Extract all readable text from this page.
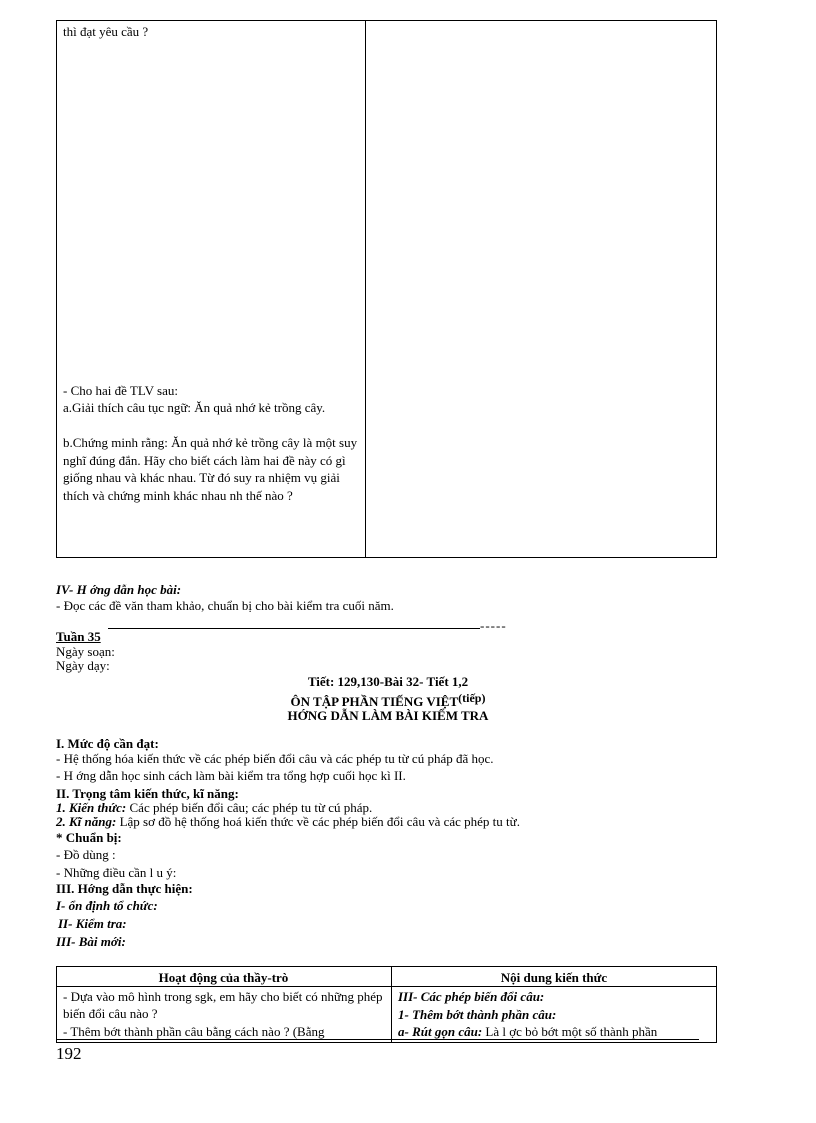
thì đạt yêu cầu ?
- Cho hai đề TLV sau:
a.Giải thích câu tục ngữ: Ăn quả nhớ kẻ trồng cây.
b.Chứng minh rằng: Ăn quả nhớ kẻ trồng cây là một suy nghĩ đúng đắn. Hãy cho biết cách làm hai đề này có gì giống nhau và khác nhau. Từ đó suy ra nhiệm vụ giải thích và chứng minh khác nhau nh thế nào ?
IV- H ớng dẫn học bài:
- Đọc các đề văn tham khảo, chuẩn bị cho bài kiểm tra cuối năm.
Tuần 35
-----
Ngày soạn:
Ngày dạy:
Tiết: 129,130-Bài 32- Tiết 1,2
ÔN TẬP PHẦN TIẾNG VIỆT(tiếp)
HỚNG DẪN LÀM BÀI KIỂM TRA
I. Mức độ cần đạt:
- Hệ thống hóa kiến thức về các phép biến đổi câu và các phép tu từ cú pháp đã học.
- H ớng dẫn học sinh cách làm bài kiểm tra tổng hợp cuối học kì II.
II. Trọng tâm kiến thức, kĩ năng:
1. Kiến thức: Các phép biến đổi câu; các phép tu từ cú pháp.
2. Kĩ năng: Lập sơ đồ hệ thống hoá kiến thức về các phép biến đổi câu và các phép tu từ.
* Chuẩn bị:
- Đồ dùng :
- Những điều cần l u ý:
III. Hớng dẫn thực hiện:
I- ổn định tổ chức:
II- Kiểm tra:
III- Bài mới:
Hoạt động của thầy-trò	Nội dung kiến thức
- Dựa vào mô hình trong sgk, em hãy cho biết có những phép biến đổi câu nào ?
- Thêm bớt thành phần câu bằng cách nào ? (Bằng
III- Các phép biến đổi câu:
1- Thêm bớt thành phần câu:
a- Rút gọn câu: Là l ợc bỏ bớt một số thành phần
192
